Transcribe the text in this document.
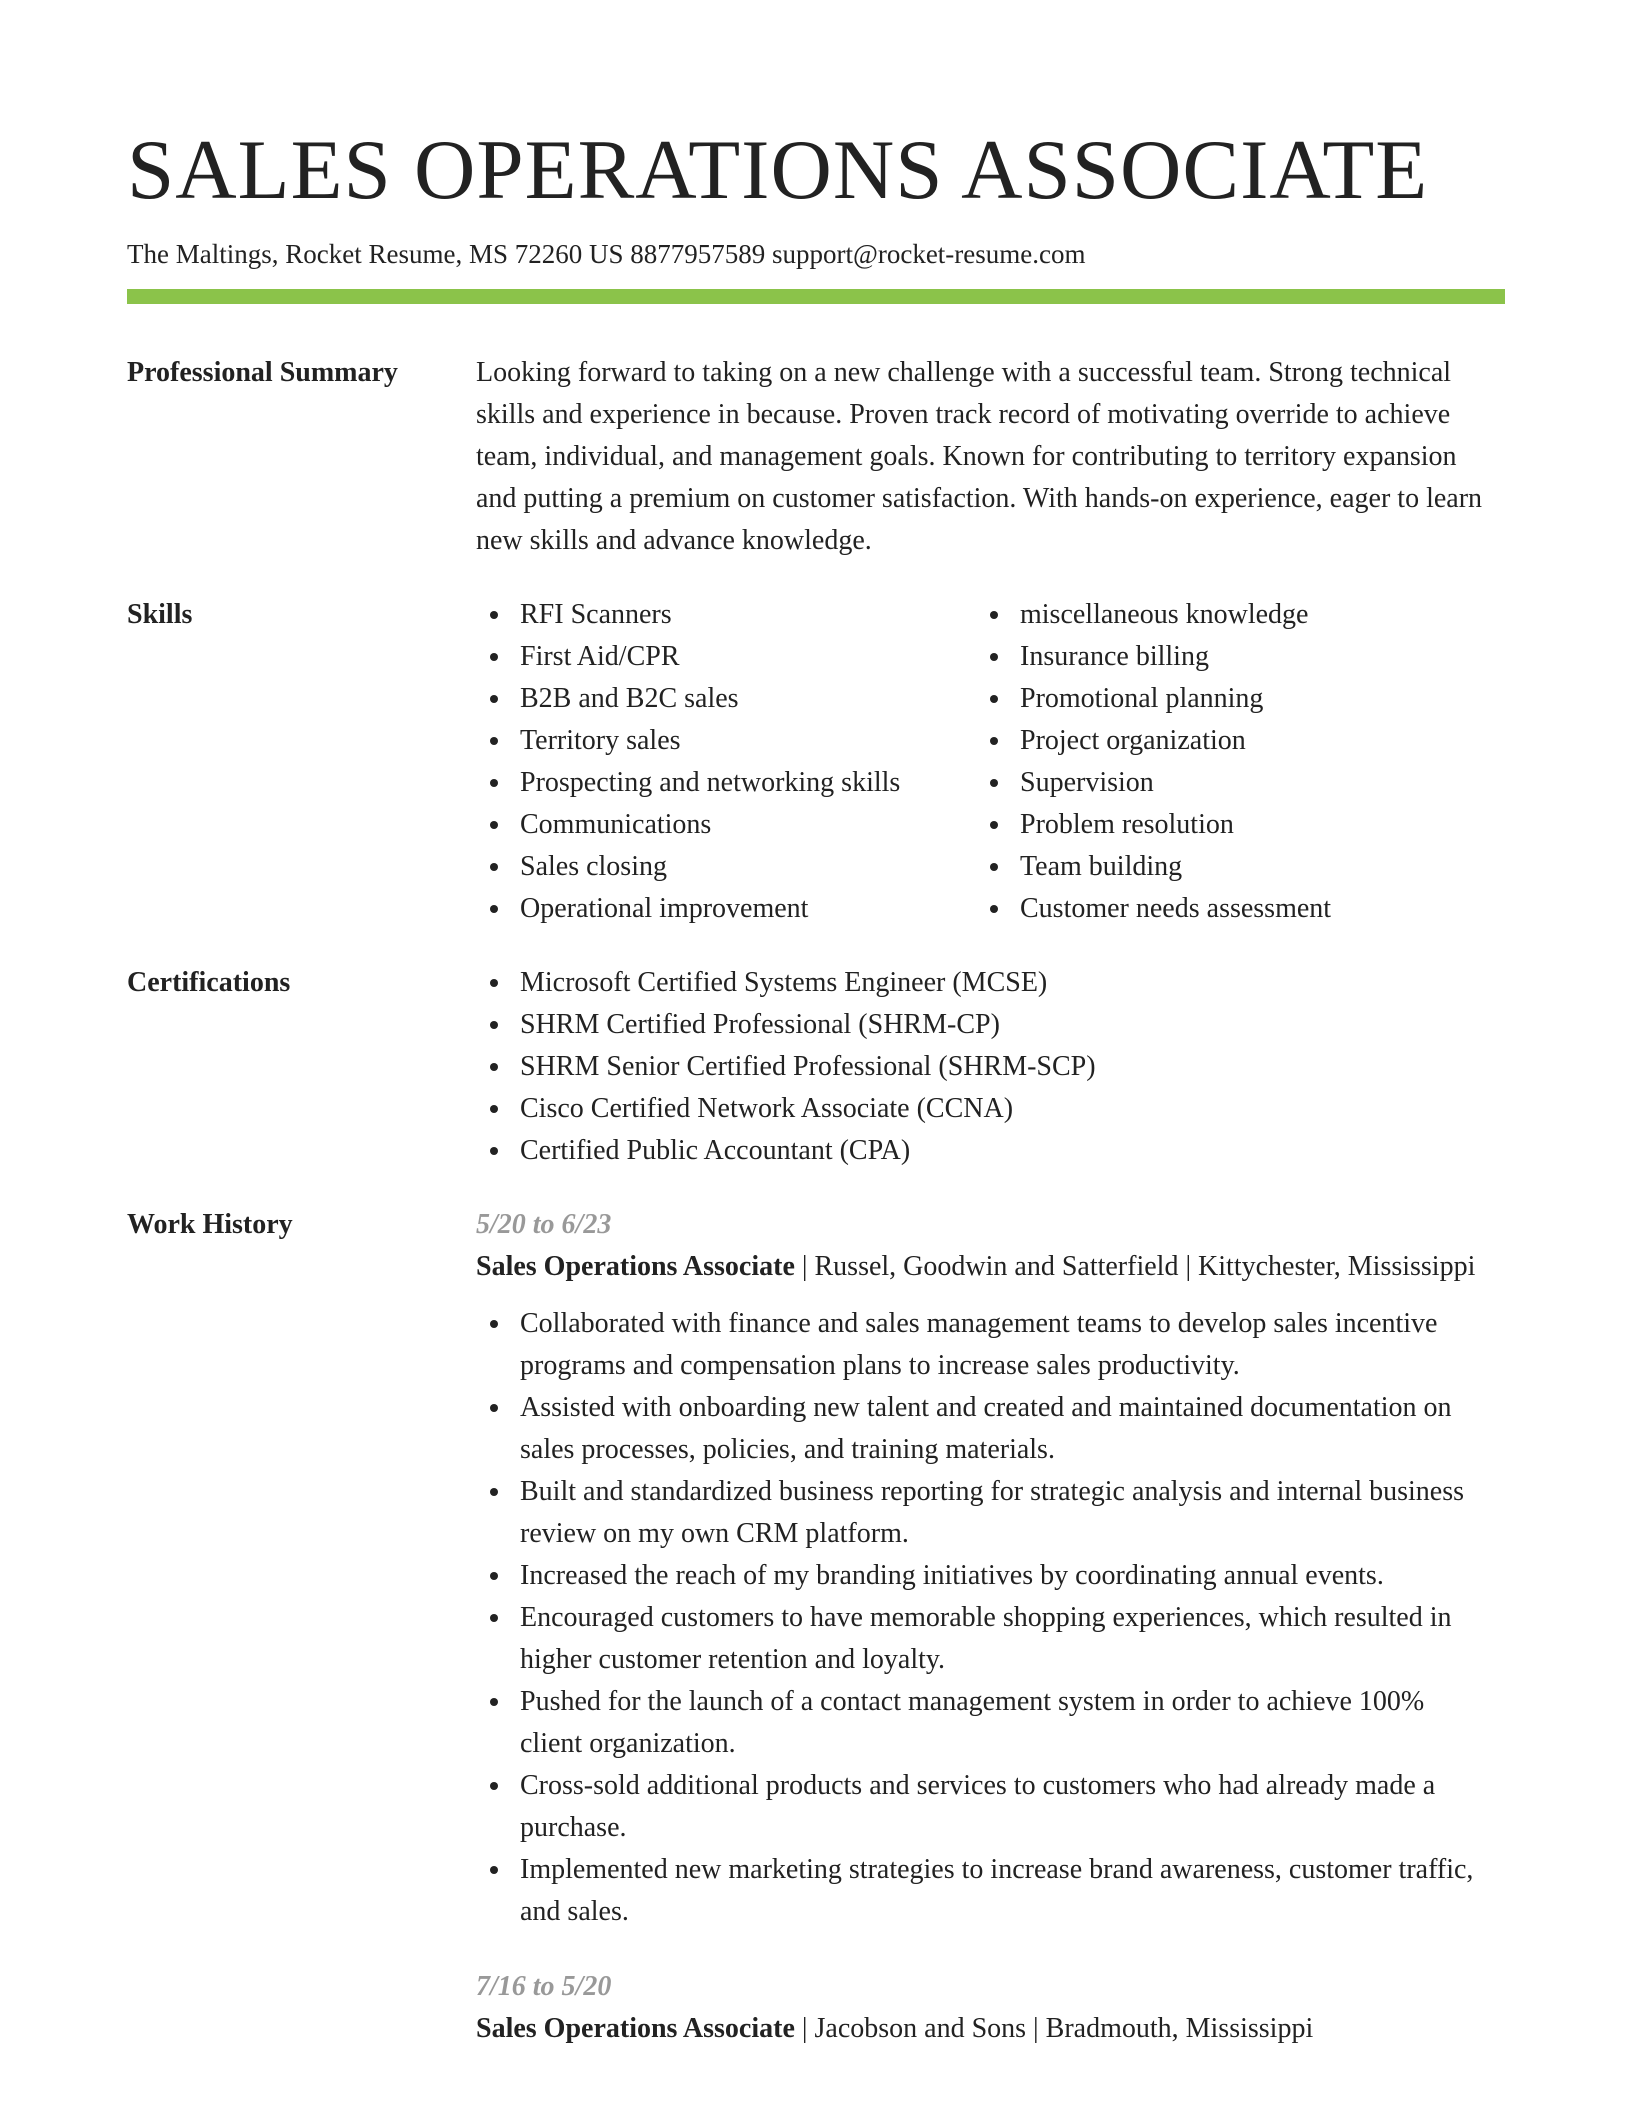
SALES OPERATIONS ASSOCIATE
The Maltings, Rocket Resume, MS 72260 US 8877957589 support@rocket-resume.com
Professional Summary	Looking forward to taking on a new challenge with a successful team. Strong technical skills and experience in because. Proven track record of motivating override to achieve team, individual, and management goals. Known for contributing to territory expansion and putting a premium on customer satisfaction. With hands-on experience, eager to learn new skills and advance knowledge.

Skills	RFI Scanners
First Aid/CPR
B2B and B2C sales
Territory sales
Prospecting and networking skills
Communications
Sales closing
Operational improvement
miscellaneous knowledge
Insurance billing
Promotional planning
Project organization
Supervision
Problem resolution
Team building
Customer needs assessment
Certifications	Microsoft Certified Systems Engineer (MCSE)
SHRM Certified Professional (SHRM-CP)
SHRM Senior Certified Professional (SHRM-SCP)
Cisco Certified Network Associate (CCNA)
Certified Public Accountant (CPA)
Work History	5/20 to 6/23
Sales Operations Associate | Russel, Goodwin and Satterfield | Kittychester, Mississippi
Collaborated with finance and sales management teams to develop sales incentive programs and compensation plans to increase sales productivity.
Assisted with onboarding new talent and created and maintained documentation on sales processes, policies, and training materials.
Built and standardized business reporting for strategic analysis and internal business review on my own CRM platform.
Increased the reach of my branding initiatives by coordinating annual events.
Encouraged customers to have memorable shopping experiences, which resulted in higher customer retention and loyalty.
Pushed for the launch of a contact management system in order to achieve 100% client organization.
Cross-sold additional products and services to customers who had already made a purchase.
Implemented new marketing strategies to increase brand awareness, customer traffic, and sales.
7/16 to 5/20
Sales Operations Associate | Jacobson and Sons | Bradmouth, Mississippi
